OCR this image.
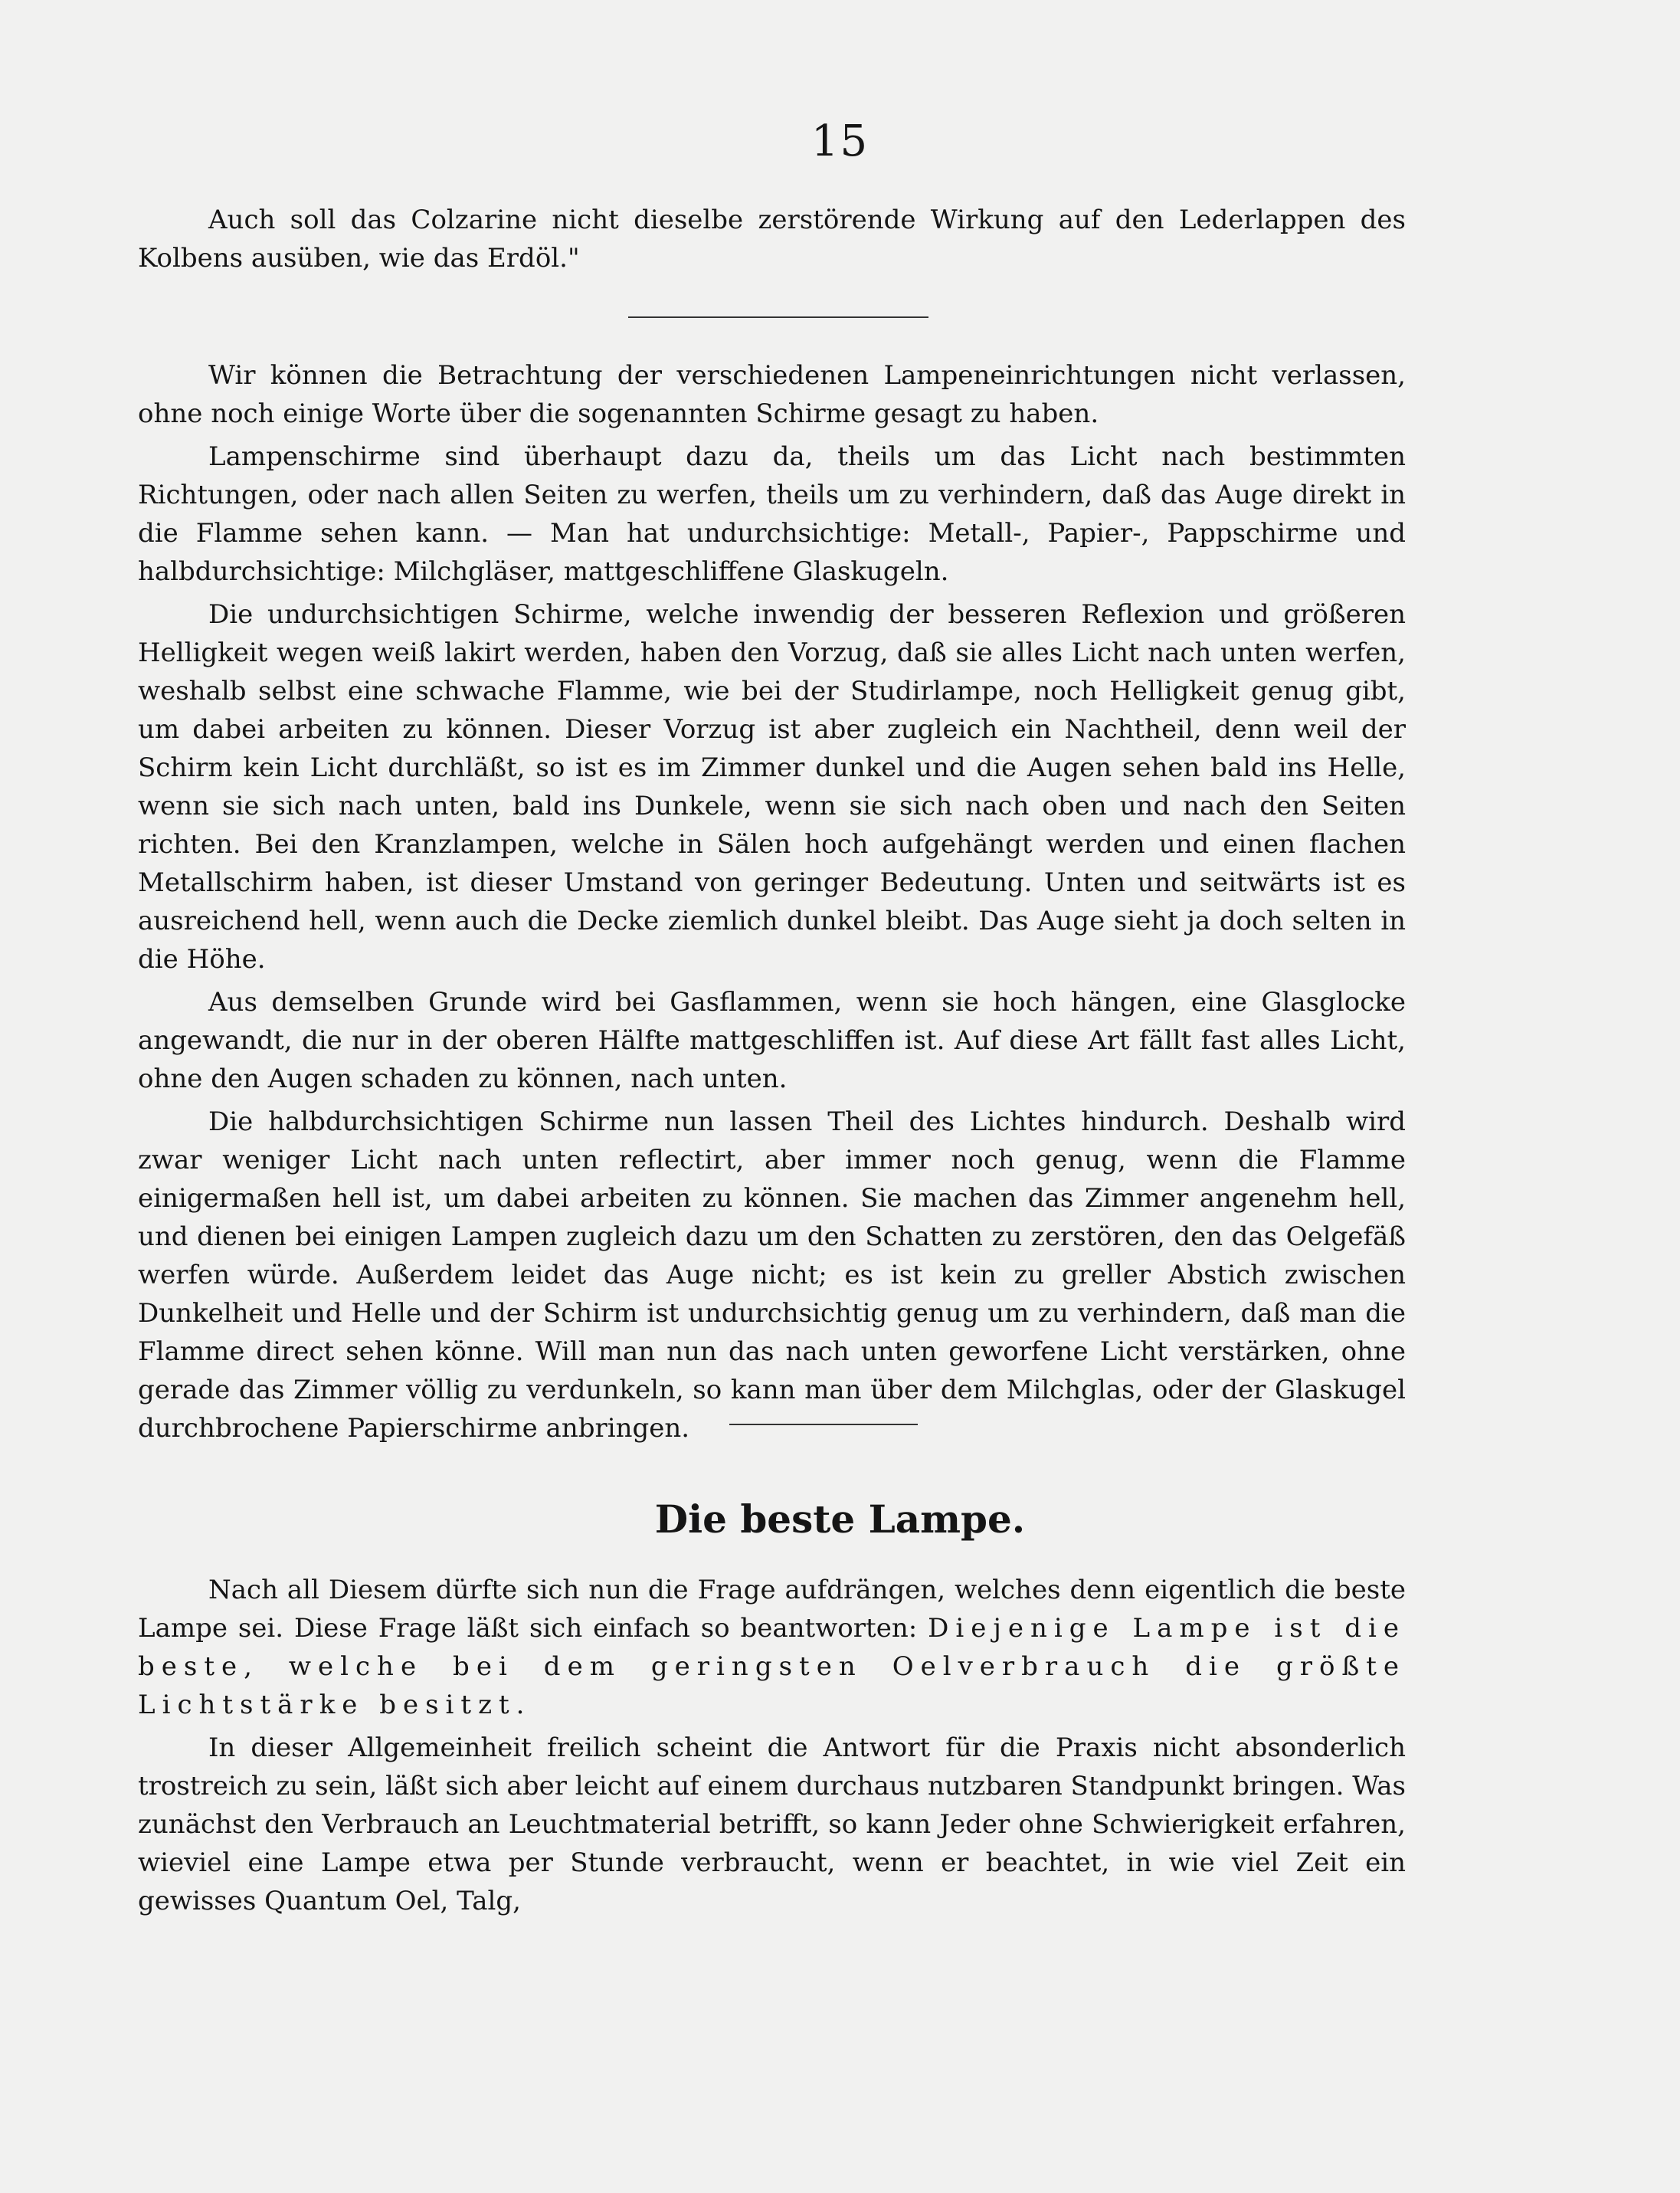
15

Auch soll das Colzarine nicht dieselbe zerstörende Wirkung auf den Lederlappen des Kolbens ausüben, wie das Erdöl."

Wir können die Betrachtung der verschiedenen Lampeneinrichtungen nicht verlassen, ohne noch einige Worte über die sogenannten Schirme gesagt zu haben.

Lampenschirme sind überhaupt dazu da, theils um das Licht nach bestimmten Richtungen, oder nach allen Seiten zu werfen, theils um zu verhindern, daß das Auge direkt in die Flamme sehen kann. — Man hat undurchsichtige: Metall-, Papier-, Pappschirme und halbdurchsichtige: Milchgläser, mattgeschliffene Glaskugeln.

Die undurchsichtigen Schirme, welche inwendig der besseren Reflexion und größeren Helligkeit wegen weiß lakirt werden, haben den Vorzug, daß sie alles Licht nach unten werfen, weshalb selbst eine schwache Flamme, wie bei der Studirlampe, noch Helligkeit genug gibt, um dabei arbeiten zu können. Dieser Vorzug ist aber zugleich ein Nachtheil, denn weil der Schirm kein Licht durchläßt, so ist es im Zimmer dunkel und die Augen sehen bald ins Helle, wenn sie sich nach unten, bald ins Dunkele, wenn sie sich nach oben und nach den Seiten richten. Bei den Kranzlampen, welche in Sälen hoch aufgehängt werden und einen flachen Metallschirm haben, ist dieser Umstand von geringer Bedeutung. Unten und seitwärts ist es ausreichend hell, wenn auch die Decke ziemlich dunkel bleibt. Das Auge sieht ja doch selten in die Höhe.

Aus demselben Grunde wird bei Gasflammen, wenn sie hoch hängen, eine Glasglocke angewandt, die nur in der oberen Hälfte mattgeschliffen ist. Auf diese Art fällt fast alles Licht, ohne den Augen schaden zu können, nach unten.

Die halbdurchsichtigen Schirme nun lassen Theil des Lichtes hindurch. Deshalb wird zwar weniger Licht nach unten reflectirt, aber immer noch genug, wenn die Flamme einigermaßen hell ist, um dabei arbeiten zu können. Sie machen das Zimmer angenehm hell, und dienen bei einigen Lampen zugleich dazu um den Schatten zu zerstören, den das Oelgefäß werfen würde. Außerdem leidet das Auge nicht; es ist kein zu greller Abstich zwischen Dunkelheit und Helle und der Schirm ist undurchsichtig genug um zu verhindern, daß man die Flamme direct sehen könne. Will man nun das nach unten geworfene Licht verstärken, ohne gerade das Zimmer völlig zu verdunkeln, so kann man über dem Milchglas, oder der Glaskugel durchbrochene Papierschirme anbringen.

Die beste Lampe.

Nach all Diesem dürfte sich nun die Frage aufdrängen, welches denn eigentlich die beste Lampe sei. Diese Frage läßt sich einfach so beantworten: Diejenige Lampe ist die beste, welche bei dem geringsten Oelverbrauch die größte Lichtstärke besitzt.

In dieser Allgemeinheit freilich scheint die Antwort für die Praxis nicht absonderlich trostreich zu sein, läßt sich aber leicht auf einem durchaus nutzbaren Standpunkt bringen. Was zunächst den Verbrauch an Leuchtmaterial betrifft, so kann Jeder ohne Schwierigkeit erfahren, wieviel eine Lampe etwa per Stunde verbraucht, wenn er beachtet, in wie viel Zeit ein gewisses Quantum Oel, Talg,
